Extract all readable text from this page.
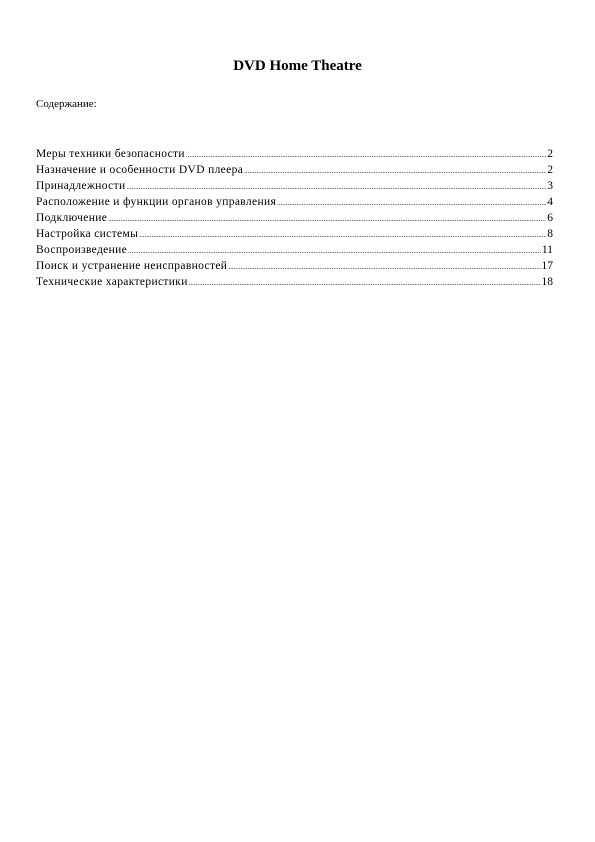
DVD Home Theatre
Содержание:
Меры техники безопасности .....	2
Назначение и особенности DVD плеера .....	2
Принадлежности .....	3
Расположение и функции органов управления .....	4
Подключение .....	6
Настройка системы .....	8
Воспроизведение .....	11
Поиск и устранение неисправностей .....	17
Технические характеристики .....	18
